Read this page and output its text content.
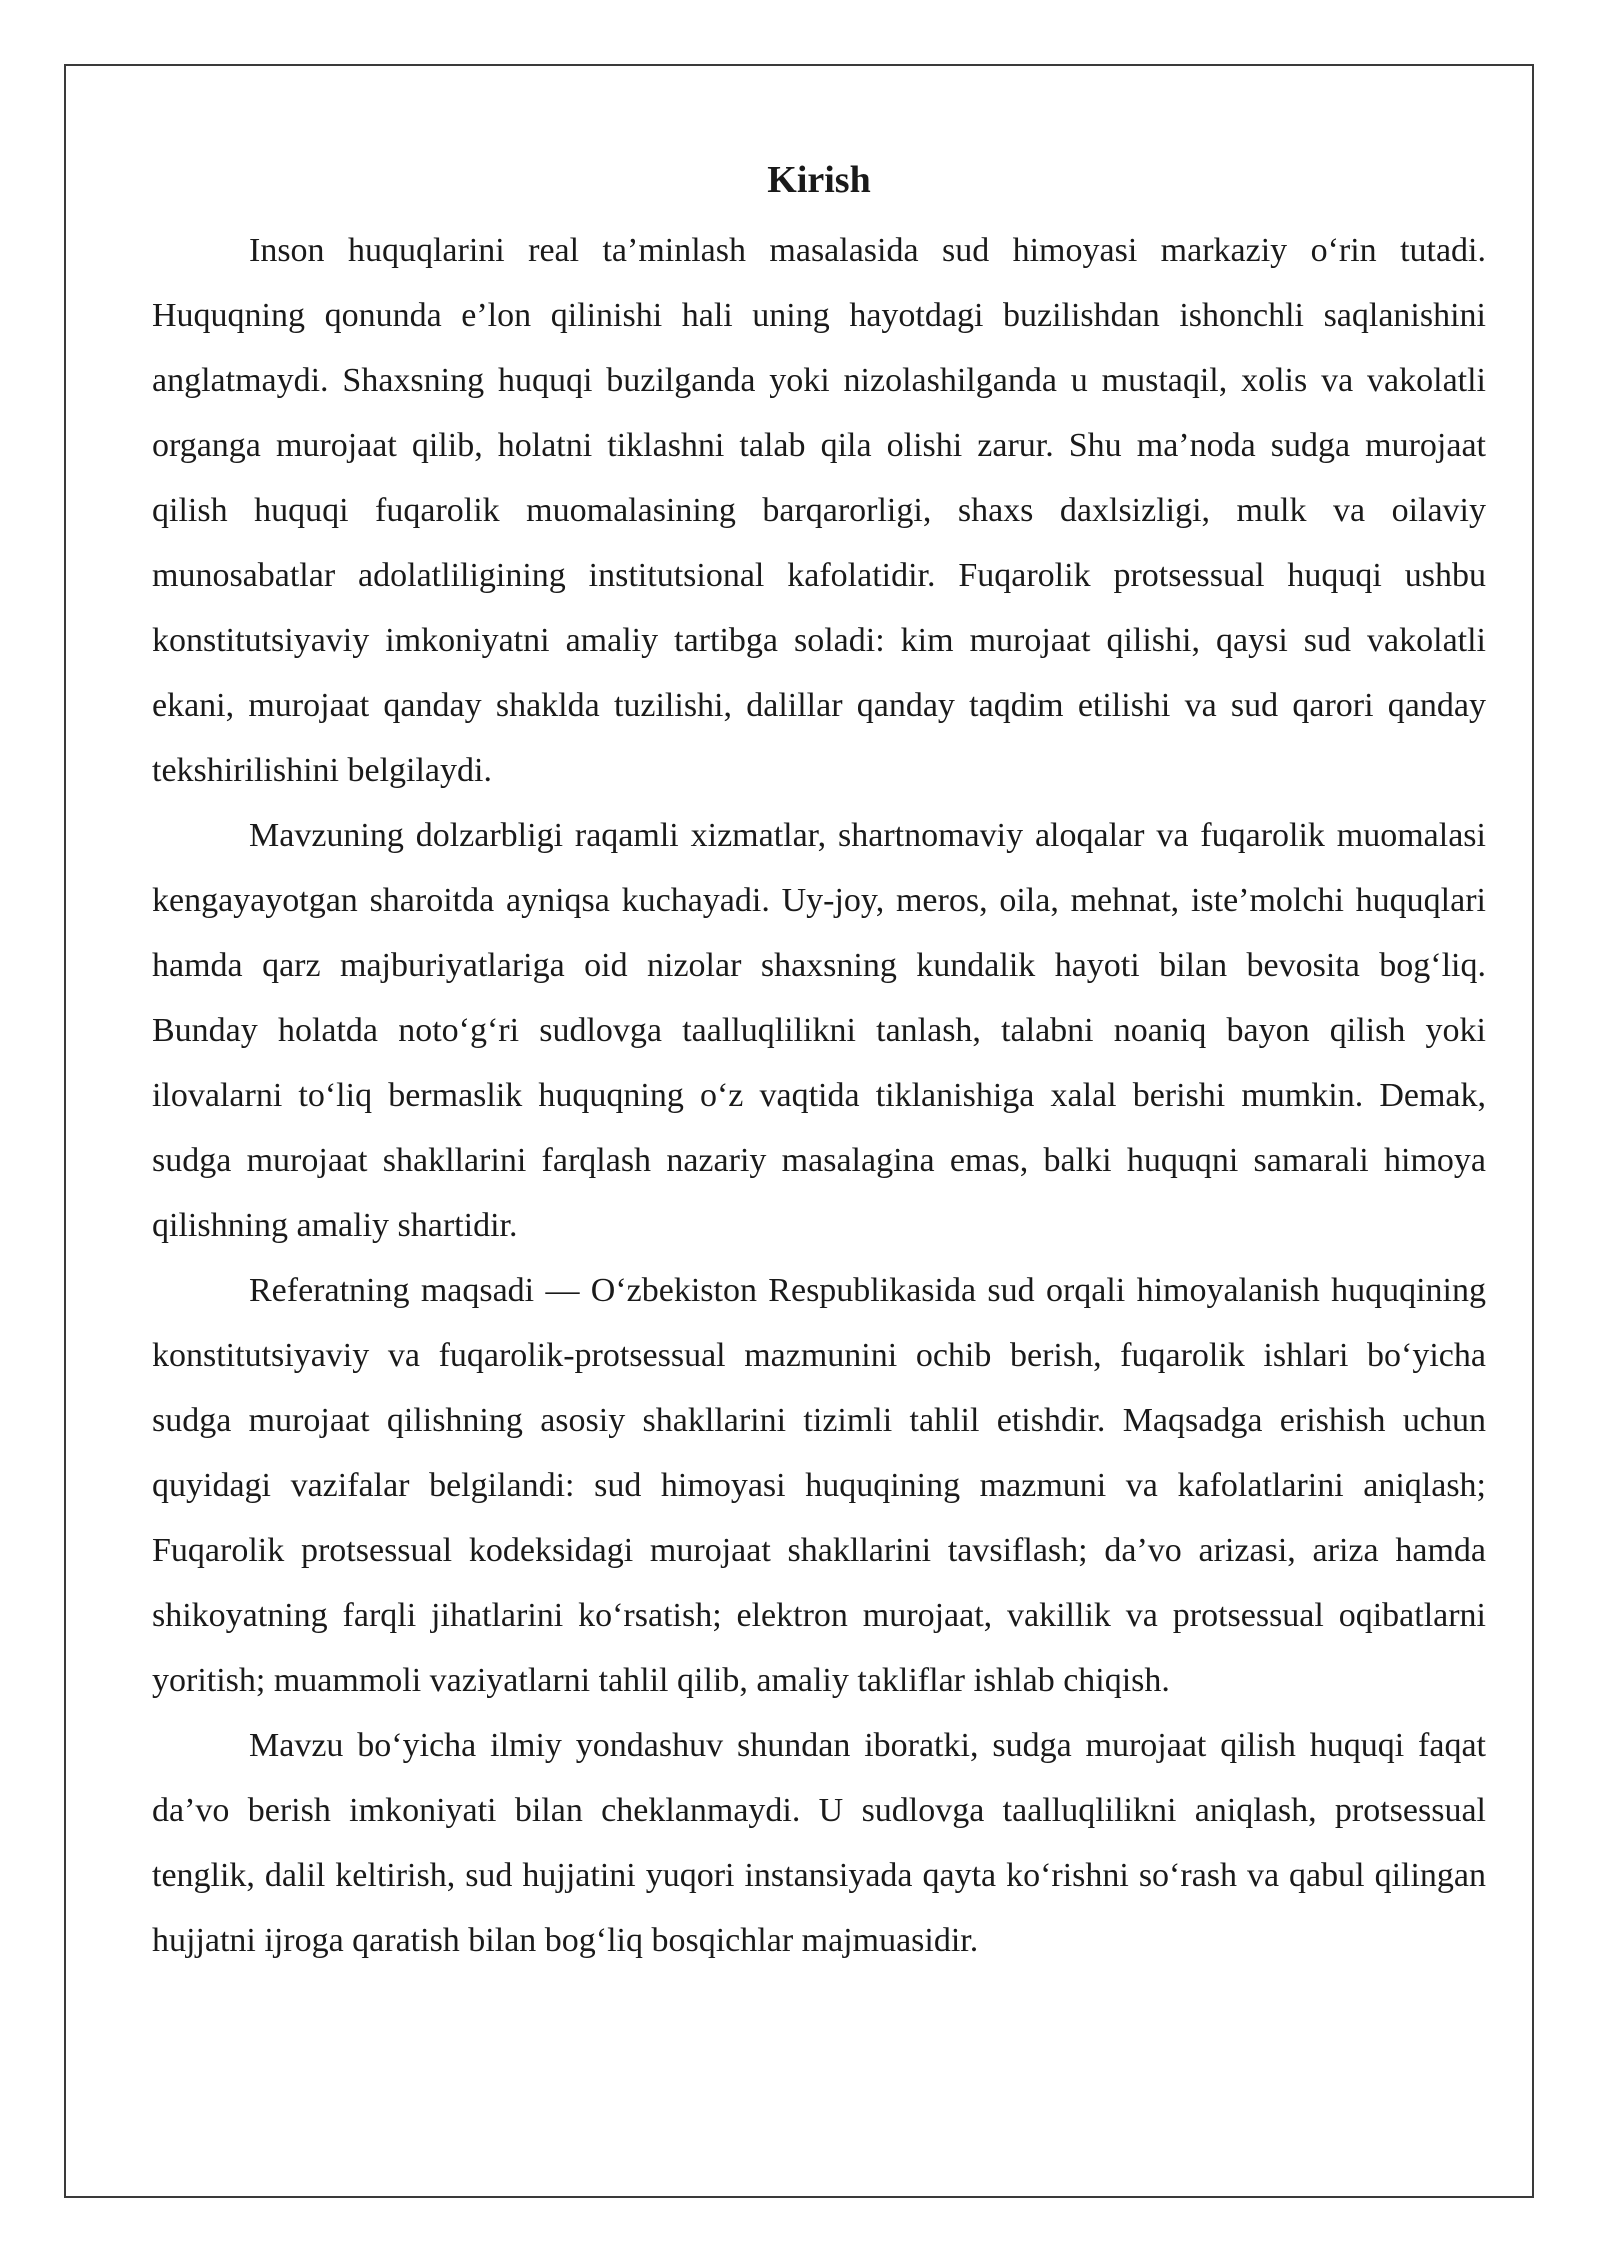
Kirish

Inson huquqlarini real ta’minlash masalasida sud himoyasi markaziy o‘rin tutadi. Huquqning qonunda e’lon qilinishi hali uning hayotdagi buzilishdan ishonchli saqlanishini anglatmaydi. Shaxsning huquqi buzilganda yoki nizolashilganda u mustaqil, xolis va vakolatli organga murojaat qilib, holatni tiklashni talab qila olishi zarur. Shu ma’noda sudga murojaat qilish huquqi fuqarolik muomalasining barqarorligi, shaxs daxlsizligi, mulk va oilaviy munosabatlar adolatliligining institutsional kafolatidir. Fuqarolik protsessual huquqi ushbu konstitutsiyaviy imkoniyatni amaliy tartibga soladi: kim murojaat qilishi, qaysi sud vakolatli ekani, murojaat qanday shaklda tuzilishi, dalillar qanday taqdim etilishi va sud qarori qanday tekshirilishini belgilaydi.

Mavzuning dolzarbligi raqamli xizmatlar, shartnomaviy aloqalar va fuqarolik muomalasi kengayayotgan sharoitda ayniqsa kuchayadi. Uy-joy, meros, oila, mehnat, iste’molchi huquqlari hamda qarz majburiyatlariga oid nizolar shaxsning kundalik hayoti bilan bevosita bog‘liq. Bunday holatda noto‘g‘ri sudlovga taalluqlilikni tanlash, talabni noaniq bayon qilish yoki ilovalarni to‘liq bermaslik huquqning o‘z vaqtida tiklanishiga xalal berishi mumkin. Demak, sudga murojaat shakllarini farqlash nazariy masalagina emas, balki huquqni samarali himoya qilishning amaliy shartidir.

Referatning maqsadi — O‘zbekiston Respublikasida sud orqali himoyalanish huquqining konstitutsiyaviy va fuqarolik-protsessual mazmunini ochib berish, fuqarolik ishlari bo‘yicha sudga murojaat qilishning asosiy shakllarini tizimli tahlil etishdir. Maqsadga erishish uchun quyidagi vazifalar belgilandi: sud himoyasi huquqining mazmuni va kafolatlarini aniqlash; Fuqarolik protsessual kodeksidagi murojaat shakllarini tavsiflash; da’vo arizasi, ariza hamda shikoyatning farqli jihatlarini ko‘rsatish; elektron murojaat, vakillik va protsessual oqibatlarni yoritish; muammoli vaziyatlarni tahlil qilib, amaliy takliflar ishlab chiqish.

Mavzu bo‘yicha ilmiy yondashuv shundan iboratki, sudga murojaat qilish huquqi faqat da’vo berish imkoniyati bilan cheklanmaydi. U sudlovga taalluqlilikni aniqlash, protsessual tenglik, dalil keltirish, sud hujjatini yuqori instansiyada qayta ko‘rishni so‘rash va qabul qilingan hujjatni ijroga qaratish bilan bog‘liq bosqichlar majmuasidir.
